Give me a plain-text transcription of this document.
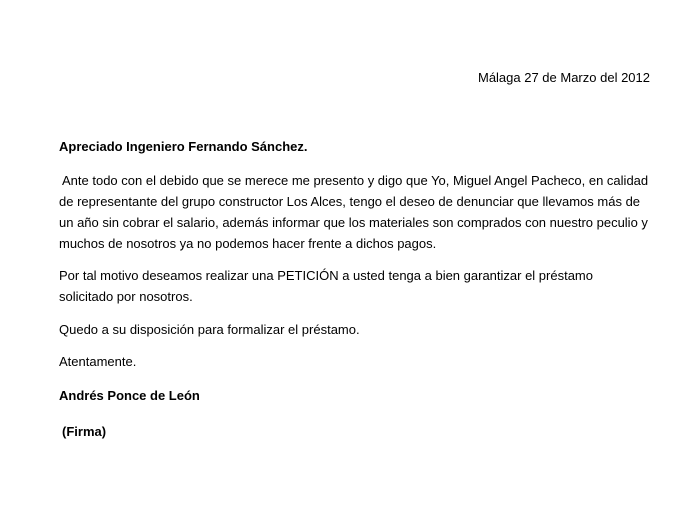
Málaga 27 de Marzo del 2012
Apreciado Ingeniero Fernando Sánchez.
Ante todo con el debido que se merece me presento y digo que Yo, Miguel Angel Pacheco, en calidad de representante del grupo constructor Los Alces, tengo el deseo de denunciar que llevamos más de un año sin cobrar el salario, además informar que los materiales son comprados con nuestro peculio y muchos de nosotros ya no podemos hacer frente a dichos pagos.
Por tal motivo deseamos realizar una PETICIÓN a usted tenga a bien garantizar el préstamo solicitado por nosotros.
Quedo a su disposición para formalizar el préstamo.
Atentamente.
Andrés Ponce de León
(Firma)
